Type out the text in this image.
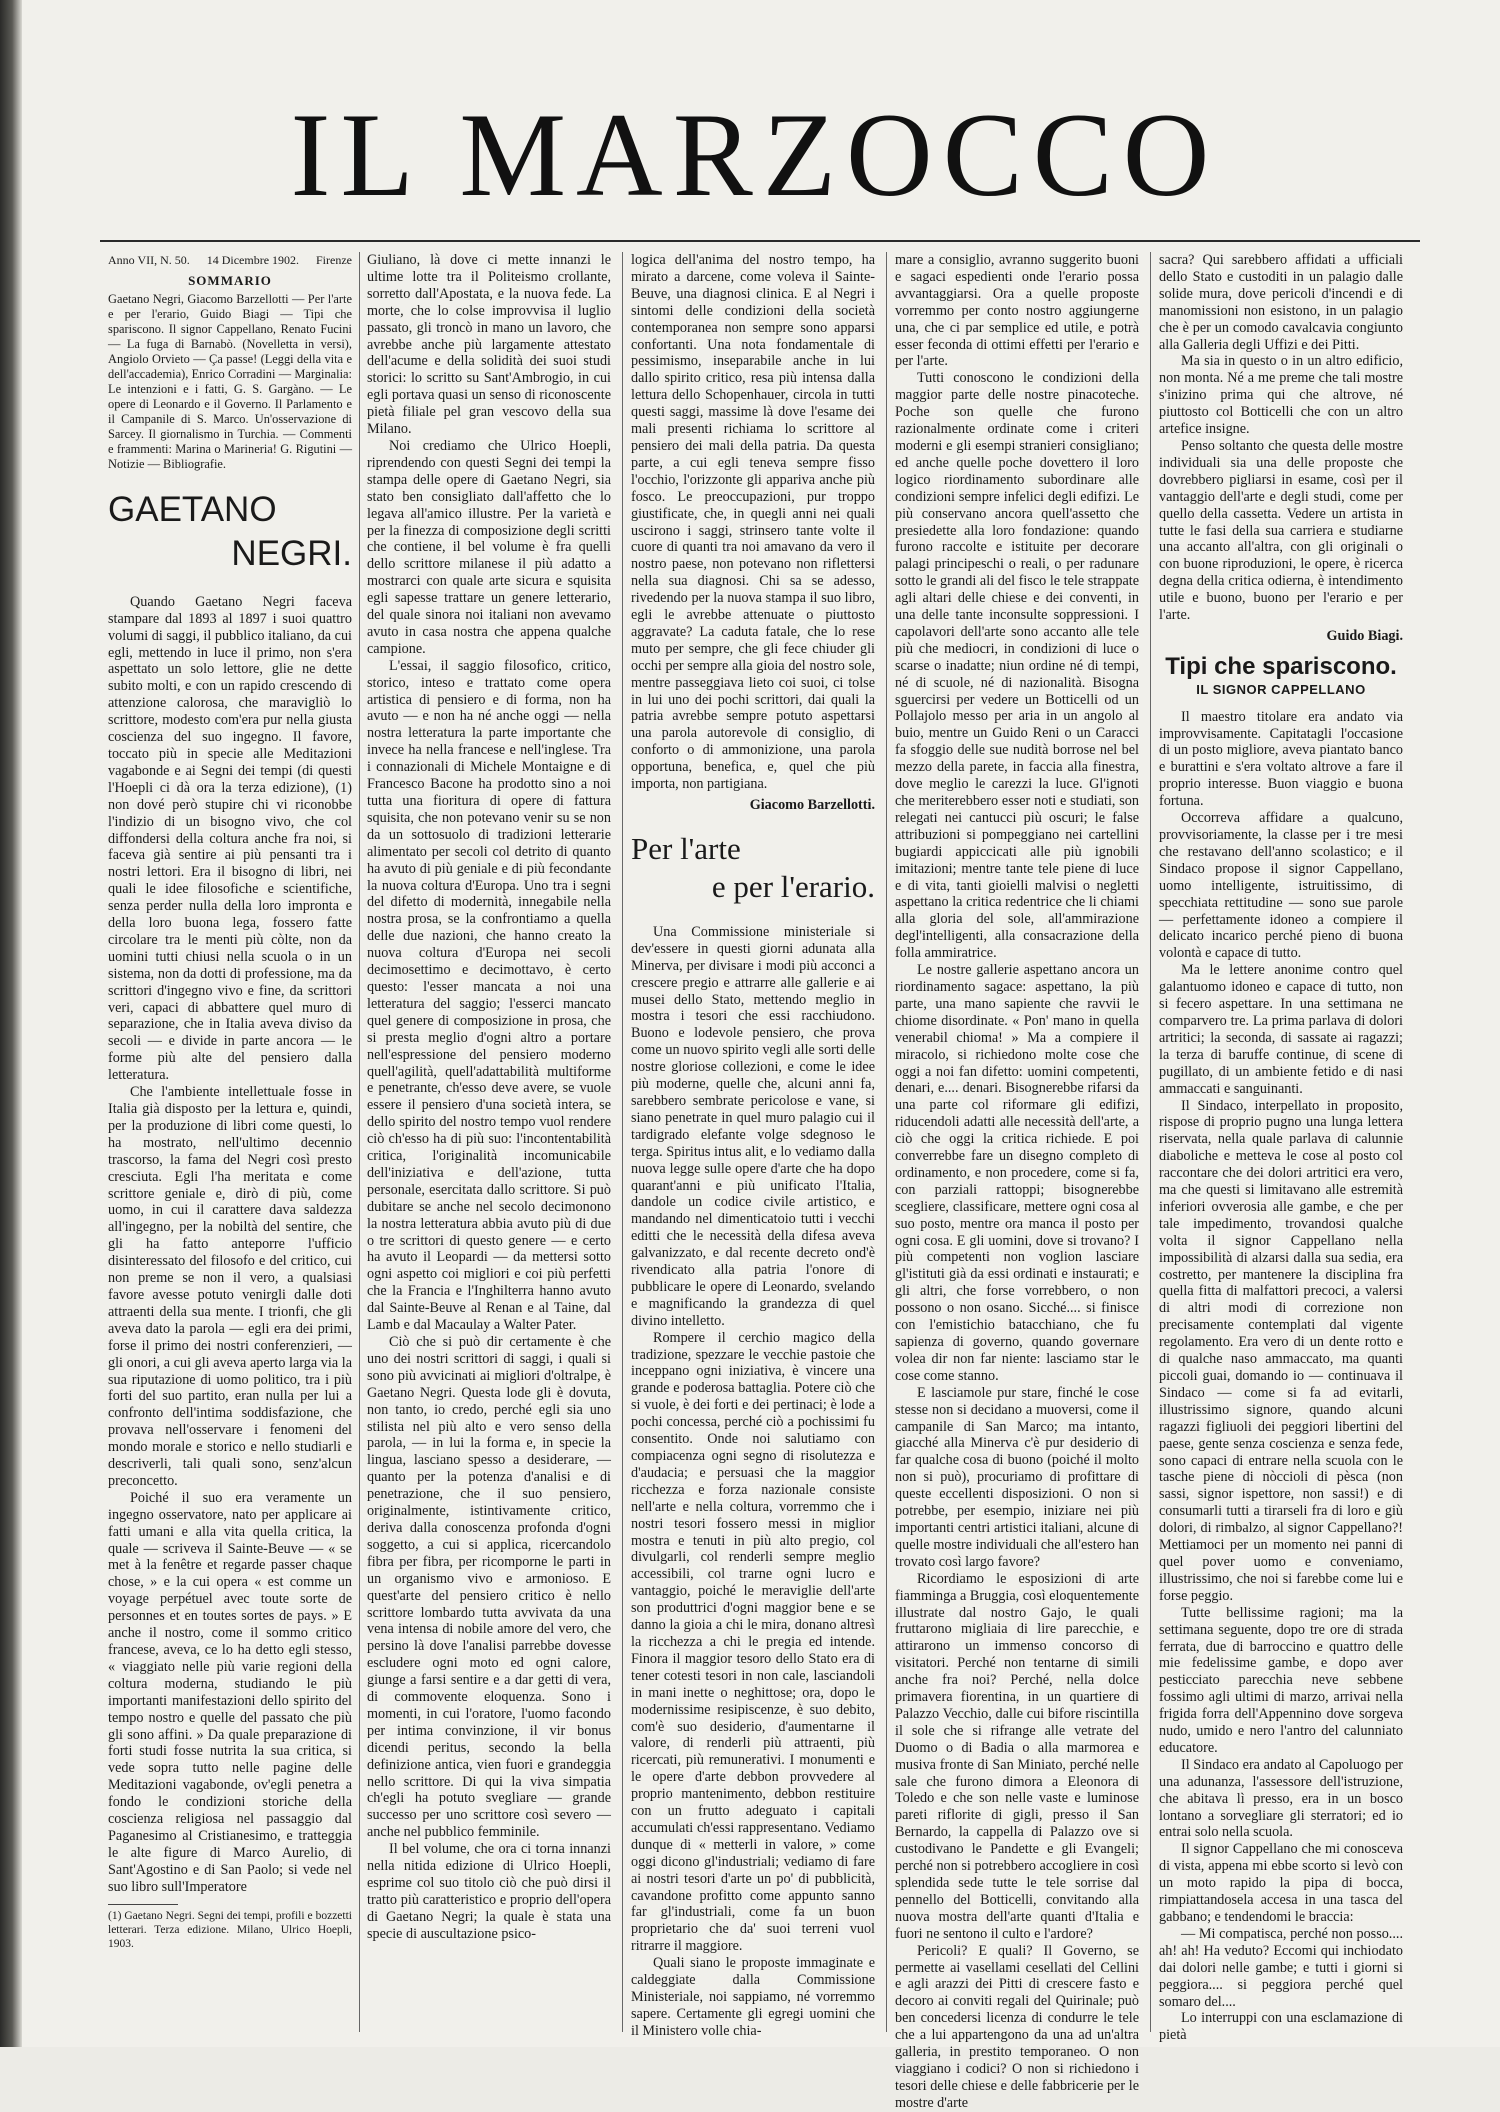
IL MARZOCCO
Anno VII, N. 50. 14 Dicembre 1902. Firenze
SOMMARIO
Gaetano Negri, Giacomo Barzellotti — Per l'arte e per l'erario, Guido Biagi — Tipi che spariscono. Il signor Cappellano, Renato Fucini — La fuga di Barnabò. (Novelletta in versi), Angiolo Orvieto — Ça passe! (Leggi della vita e dell'accademia), Enrico Corradini — Marginalia: Le intenzioni e i fatti, G. S. Gargàno. — Le opere di Leonardo e il Governo. Il Parlamento e il Campanile di S. Marco. Un'osservazione di Sarcey. Il giornalismo in Turchia. — Commenti e frammenti: Marina o Marineria! G. Rigutini — Notizie — Bibliografie.
GAETANO
NEGRI.

Quando Gaetano Negri faceva stampare dal 1893 al 1897 i suoi quattro volumi di saggi, il pubblico italiano, da cui egli, mettendo in luce il primo, non s'era aspettato un solo lettore, glie ne dette subito molti, e con un rapido crescendo di attenzione calorosa, che maravigliò lo scrittore, modesto com'era pur nella giusta coscienza del suo ingegno. Il favore, toccato più in specie alle Meditazioni vagabonde e ai Segni dei tempi (di questi l'Hoepli ci dà ora la terza edizione), (1) non dové però stupire chi vi riconobbe l'indizio di un bisogno vivo, che col diffondersi della coltura anche fra noi, si faceva già sentire ai più pensanti tra i nostri lettori. Era il bisogno di libri, nei quali le idee filosofiche e scientifiche, senza perder nulla della loro impronta e della loro buona lega, fossero fatte circolare tra le menti più còlte, non da uomini tutti chiusi nella scuola o in un sistema, non da dotti di professione, ma da scrittori d'ingegno vivo e fine, da scrittori veri, capaci di abbattere quel muro di separazione, che in Italia aveva diviso da secoli — e divide in parte ancora — le forme più alte del pensiero dalla letteratura.

Che l'ambiente intellettuale fosse in Italia già disposto per la lettura e, quindi, per la produzione di libri come questi, lo ha mostrato, nell'ultimo decennio trascorso, la fama del Negri così presto cresciuta. Egli l'ha meritata e come scrittore geniale e, dirò di più, come uomo, in cui il carattere dava saldezza all'ingegno, per la nobiltà del sentire, che gli ha fatto anteporre l'ufficio disinteressato del filosofo e del critico, cui non preme se non il vero, a qualsiasi favore avesse potuto venirgli dalle doti attraenti della sua mente. I trionfi, che gli aveva dato la parola — egli era dei primi, forse il primo dei nostri conferenzieri, — gli onori, a cui gli aveva aperto larga via la sua riputazione di uomo politico, tra i più forti del suo partito, eran nulla per lui a confronto dell'intima soddisfazione, che provava nell'osservare i fenomeni del mondo morale e storico e nello studiarli e descriverli, tali quali sono, senz'alcun preconcetto.

Poiché il suo era veramente un ingegno osservatore, nato per applicare ai fatti umani e alla vita quella critica, la quale — scriveva il Sainte-Beuve — « se met à la fenêtre et regarde passer chaque chose, » e la cui opera « est comme un voyage perpétuel avec toute sorte de personnes et en toutes sortes de pays. » E anche il nostro, come il sommo critico francese, aveva, ce lo ha detto egli stesso, « viaggiato nelle più varie regioni della coltura moderna, studiando le più importanti manifestazioni dello spirito del tempo nostro e quelle del passato che più gli sono affini. » Da quale preparazione di forti studi fosse nutrita la sua critica, si vede sopra tutto nelle pagine delle Meditazioni vagabonde, ov'egli penetra a fondo le condizioni storiche della coscienza religiosa nel passaggio dal Paganesimo al Cristianesimo, e tratteggia le alte figure di Marco Aurelio, di Sant'Agostino e di San Paolo; si vede nel suo libro sull'Imperatore

(1) Gaetano Negri. Segni dei tempi, profili e bozzetti letterari. Terza edizione. Milano, Ulrico Hoepli, 1903.

Giuliano, là dove ci mette innanzi le ultime lotte tra il Politeismo crollante, sorretto dall'Apostata, e la nuova fede. La morte, che lo colse improvvisa il luglio passato, gli troncò in mano un lavoro, che avrebbe anche più largamente attestato dell'acume e della solidità dei suoi studi storici: lo scritto su Sant'Ambrogio, in cui egli portava quasi un senso di riconoscente pietà filiale pel gran vescovo della sua Milano.

Noi crediamo che Ulrico Hoepli, riprendendo con questi Segni dei tempi la stampa delle opere di Gaetano Negri, sia stato ben consigliato dall'affetto che lo legava all'amico illustre. Per la varietà e per la finezza di composizione degli scritti che contiene, il bel volume è fra quelli dello scrittore milanese il più adatto a mostrarci con quale arte sicura e squisita egli sapesse trattare un genere letterario, del quale sinora noi italiani non avevamo avuto in casa nostra che appena qualche campione.

L'essai, il saggio filosofico, critico, storico, inteso e trattato come opera artistica di pensiero e di forma, non ha avuto — e non ha né anche oggi — nella nostra letteratura la parte importante che invece ha nella francese e nell'inglese. Tra i connazionali di Michele Montaigne e di Francesco Bacone ha prodotto sino a noi tutta una fioritura di opere di fattura squisita, che non potevano venir su se non da un sottosuolo di tradizioni letterarie alimentato per secoli col detrito di quanto ha avuto di più geniale e di più fecondante la nuova coltura d'Europa. Uno tra i segni del difetto di modernità, innegabile nella nostra prosa, se la confrontiamo a quella delle due nazioni, che hanno creato la nuova coltura d'Europa nei secoli decimosettimo e decimottavo, è certo questo: l'esser mancata a noi una letteratura del saggio; l'esserci mancato quel genere di composizione in prosa, che si presta meglio d'ogni altro a portare nell'espressione del pensiero moderno quell'agilità, quell'adattabilità multiforme e penetrante, ch'esso deve avere, se vuole essere il pensiero d'una società intera, se dello spirito del nostro tempo vuol rendere ciò ch'esso ha di più suo: l'incontentabilità critica, l'originalità incomunicabile dell'iniziativa e dell'azione, tutta personale, esercitata dallo scrittore. Si può dubitare se anche nel secolo decimonono la nostra letteratura abbia avuto più di due o tre scrittori di questo genere — e certo ha avuto il Leopardi — da mettersi sotto ogni aspetto coi migliori e coi più perfetti che la Francia e l'Inghilterra hanno avuto dal Sainte-Beuve al Renan e al Taine, dal Lamb e dal Macaulay a Walter Pater.

Ciò che si può dir certamente è che uno dei nostri scrittori di saggi, i quali si sono più avvicinati ai migliori d'oltralpe, è Gaetano Negri. Questa lode gli è dovuta, non tanto, io credo, perché egli sia uno stilista nel più alto e vero senso della parola, — in lui la forma e, in specie la lingua, lasciano spesso a desiderare, — quanto per la potenza d'analisi e di penetrazione, che il suo pensiero, originalmente, istintivamente critico, deriva dalla conoscenza profonda d'ogni soggetto, a cui si applica, ricercandolo fibra per fibra, per ricomporne le parti in un organismo vivo e armonioso. E quest'arte del pensiero critico è nello scrittore lombardo tutta avvivata da una vena intensa di nobile amore del vero, che persino là dove l'analisi parrebbe dovesse escludere ogni moto ed ogni calore, giunge a farsi sentire e a dar getti di vera, di commovente eloquenza. Sono i momenti, in cui l'oratore, l'uomo facondo per intima convinzione, il vir bonus dicendi peritus, secondo la bella definizione antica, vien fuori e grandeggia nello scrittore. Di qui la viva simpatia ch'egli ha potuto svegliare — grande successo per uno scrittore così severo — anche nel pubblico femminile.

Il bel volume, che ora ci torna innanzi nella nitida edizione di Ulrico Hoepli, esprime col suo titolo ciò che può dirsi il tratto più caratteristico e proprio dell'opera di Gaetano Negri; la quale è stata una specie di auscultazione psico-

logica dell'anima del nostro tempo, ha mirato a darcene, come voleva il Sainte-Beuve, una diagnosi clinica. E al Negri i sintomi delle condizioni della società contemporanea non sempre sono apparsi confortanti. Una nota fondamentale di pessimismo, inseparabile anche in lui dallo spirito critico, resa più intensa dalla lettura dello Schopenhauer, circola in tutti questi saggi, massime là dove l'esame dei mali presenti richiama lo scrittore al pensiero dei mali della patria. Da questa parte, a cui egli teneva sempre fisso l'occhio, l'orizzonte gli appariva anche più fosco. Le preoccupazioni, pur troppo giustificate, che, in quegli anni nei quali uscirono i saggi, strinsero tante volte il cuore di quanti tra noi amavano da vero il nostro paese, non potevano non riflettersi nella sua diagnosi. Chi sa se adesso, rivedendo per la nuova stampa il suo libro, egli le avrebbe attenuate o piuttosto aggravate? La caduta fatale, che lo rese muto per sempre, che gli fece chiuder gli occhi per sempre alla gioia del nostro sole, mentre passeggiava lieto coi suoi, ci tolse in lui uno dei pochi scrittori, dai quali la patria avrebbe sempre potuto aspettarsi una parola autorevole di consiglio, di conforto o di ammonizione, una parola opportuna, benefica, e, quel che più importa, non partigiana.

Giacomo Barzellotti.
Per l'arte
e per l'erario.

Una Commissione ministeriale si dev'essere in questi giorni adunata alla Minerva, per divisare i modi più acconci a crescere pregio e attrarre alle gallerie e ai musei dello Stato, mettendo meglio in mostra i tesori che essi racchiudono. Buono e lodevole pensiero, che prova come un nuovo spirito vegli alle sorti delle nostre gloriose collezioni, e come le idee più moderne, quelle che, alcuni anni fa, sarebbero sembrate pericolose e vane, si siano penetrate in quel muro palagio cui il tardigrado elefante volge sdegnoso le terga. Spiritus intus alit, e lo vediamo dalla nuova legge sulle opere d'arte che ha dopo quarant'anni e più unificato l'Italia, dandole un codice civile artistico, e mandando nel dimenticatoio tutti i vecchi editti che le necessità della difesa aveva galvanizzato, e dal recente decreto ond'è rivendicato alla patria l'onore di pubblicare le opere di Leonardo, svelando e magnificando la grandezza di quel divino intelletto.

Rompere il cerchio magico della tradizione, spezzare le vecchie pastoie che inceppano ogni iniziativa, è vincere una grande e poderosa battaglia. Potere ciò che si vuole, è dei forti e dei pertinaci; è lode a pochi concessa, perché ciò a pochissimi fu consentito. Onde noi salutiamo con compiacenza ogni segno di risolutezza e d'audacia; e persuasi che la maggior ricchezza e forza nazionale consiste nell'arte e nella coltura, vorremmo che i nostri tesori fossero messi in miglior mostra e tenuti in più alto pregio, col divulgarli, col renderli sempre meglio accessibili, col trarne ogni lucro e vantaggio, poiché le meraviglie dell'arte son produttrici d'ogni maggior bene e se danno la gioia a chi le mira, donano altresì la ricchezza a chi le pregia ed intende. Finora il maggior tesoro dello Stato era di tener cotesti tesori in non cale, lasciandoli in mani inette o neghittose; ora, dopo le modernissime resipiscenze, è suo debito, com'è suo desiderio, d'aumentarne il valore, di renderli più attraenti, più ricercati, più remunerativi. I monumenti e le opere d'arte debbon provvedere al proprio mantenimento, debbon restituire con un frutto adeguato i capitali accumulati ch'essi rappresentano. Vediamo dunque di « metterli in valore, » come oggi dicono gl'industriali; vediamo di fare ai nostri tesori d'arte un po' di pubblicità, cavandone profitto come appunto sanno far gl'industriali, come fa un buon proprietario che da' suoi terreni vuol ritrarre il maggiore.

Quali siano le proposte immaginate e caldeggiate dalla Commissione Ministeriale, noi sappiamo, né vorremmo sapere. Certamente gli egregi uomini che il Ministero volle chia-

mare a consiglio, avranno suggerito buoni e sagaci espedienti onde l'erario possa avvantaggiarsi. Ora a quelle proposte vorremmo per conto nostro aggiungerne una, che ci par semplice ed utile, e potrà esser feconda di ottimi effetti per l'erario e per l'arte.

Tutti conoscono le condizioni della maggior parte delle nostre pinacoteche. Poche son quelle che furono razionalmente ordinate come i criteri moderni e gli esempi stranieri consigliano; ed anche quelle poche dovettero il loro logico riordinamento subordinare alle condizioni sempre infelici degli edifizi. Le più conservano ancora quell'assetto che presiedette alla loro fondazione: quando furono raccolte e istituite per decorare palagi principeschi o reali, o per radunare sotto le grandi ali del fisco le tele strappate agli altari delle chiese e dei conventi, in una delle tante inconsulte soppressioni. I capolavori dell'arte sono accanto alle tele più che mediocri, in condizioni di luce o scarse o inadatte; niun ordine né di tempi, né di scuole, né di nazionalità. Bisogna sguercirsi per vedere un Botticelli od un Pollajolo messo per aria in un angolo al buio, mentre un Guido Reni o un Caracci fa sfoggio delle sue nudità borrose nel bel mezzo della parete, in faccia alla finestra, dove meglio le carezzi la luce. Gl'ignoti che meriterebbero esser noti e studiati, son relegati nei cantucci più oscuri; le false attribuzioni si pompeggiano nei cartellini bugiardi appiccicati alle più ignobili imitazioni; mentre tante tele piene di luce e di vita, tanti gioielli malvisi o negletti aspettano la critica redentrice che li chiami alla gloria del sole, all'ammirazione degl'intelligenti, alla consacrazione della folla ammiratrice.

Le nostre gallerie aspettano ancora un riordinamento sagace: aspettano, la più parte, una mano sapiente che ravvii le chiome disordinate. « Pon' mano in quella venerabil chioma! » Ma a compiere il miracolo, si richiedono molte cose che oggi a noi fan difetto: uomini competenti, denari, e.... denari. Bisognerebbe rifarsi da una parte col riformare gli edifizi, riducendoli adatti alle necessità dell'arte, a ciò che oggi la critica richiede. E poi converrebbe fare un disegno completo di ordinamento, e non procedere, come si fa, con parziali rattoppi; bisognerebbe scegliere, classificare, mettere ogni cosa al suo posto, mentre ora manca il posto per ogni cosa. E gli uomini, dove si trovano? I più competenti non voglion lasciare gl'istituti già da essi ordinati e instaurati; e gli altri, che forse vorrebbero, o non possono o non osano. Sicché.... si finisce con l'emistichio batacchiano, che fu sapienza di governo, quando governare volea dir non far niente: lasciamo star le cose come stanno.

E lasciamole pur stare, finché le cose stesse non si decidano a muoversi, come il campanile di San Marco; ma intanto, giacché alla Minerva c'è pur desiderio di far qualche cosa di buono (poiché il molto non si può), procuriamo di profittare di queste eccellenti disposizioni. O non si potrebbe, per esempio, iniziare nei più importanti centri artistici italiani, alcune di quelle mostre individuali che all'estero han trovato così largo favore?

Ricordiamo le esposizioni di arte fiamminga a Bruggia, così eloquentemente illustrate dal nostro Gajo, le quali fruttarono migliaia di lire parecchie, e attirarono un immenso concorso di visitatori. Perché non tentarne di simili anche fra noi? Perché, nella dolce primavera fiorentina, in un quartiere di Palazzo Vecchio, dalle cui bifore riscintilla il sole che si rifrange alle vetrate del Duomo o di Badia o alla marmorea e musiva fronte di San Miniato, perché nelle sale che furono dimora a Eleonora di Toledo e che son nelle vaste e luminose pareti riflorite di gigli, presso il San Bernardo, la cappella di Palazzo ove si custodivano le Pandette e gli Evangeli; perché non si potrebbero accogliere in così splendida sede tutte le tele sorrise dal pennello del Botticelli, convitando alla nuova mostra dell'arte quanti d'Italia e fuori ne sentono il culto e l'ardore?

Pericoli? E quali? Il Governo, se permette ai vasellami cesellati del Cellini e agli arazzi dei Pitti di crescere fasto e decoro ai conviti regali del Quirinale; può ben concedersi licenza di condurre le tele che a lui appartengono da una ad un'altra galleria, in prestito temporaneo. O non viaggiano i codici? O non si richiedono i tesori delle chiese e delle fabbricerie per le mostre d'arte

sacra? Qui sarebbero affidati a ufficiali dello Stato e custoditi in un palagio dalle solide mura, dove pericoli d'incendi e di manomissioni non esistono, in un palagio che è per un comodo cavalcavia congiunto alla Galleria degli Uffizi e dei Pitti.

Ma sia in questo o in un altro edificio, non monta. Né a me preme che tali mostre s'inizino prima qui che altrove, né piuttosto col Botticelli che con un altro artefice insigne.

Penso soltanto che questa delle mostre individuali sia una delle proposte che dovrebbero pigliarsi in esame, così per il vantaggio dell'arte e degli studi, come per quello della cassetta. Vedere un artista in tutte le fasi della sua carriera e studiarne una accanto all'altra, con gli originali o con buone riproduzioni, le opere, è ricerca degna della critica odierna, è intendimento utile e buono, buono per l'erario e per l'arte.

Guido Biagi.
Tipi che spariscono.
IL SIGNOR CAPPELLANO

Il maestro titolare era andato via improvvisamente. Capitatagli l'occasione di un posto migliore, aveva piantato banco e burattini e s'era voltato altrove a fare il proprio interesse. Buon viaggio e buona fortuna.

Occorreva affidare a qualcuno, provvisoriamente, la classe per i tre mesi che restavano dell'anno scolastico; e il Sindaco propose il signor Cappellano, uomo intelligente, istruitissimo, di specchiata rettitudine — sono sue parole — perfettamente idoneo a compiere il delicato incarico perché pieno di buona volontà e capace di tutto.

Ma le lettere anonime contro quel galantuomo idoneo e capace di tutto, non si fecero aspettare. In una settimana ne comparvero tre. La prima parlava di dolori artritici; la seconda, di sassate ai ragazzi; la terza di baruffe continue, di scene di pugillato, di un ambiente fetido e di nasi ammaccati e sanguinanti.

Il Sindaco, interpellato in proposito, rispose di proprio pugno una lunga lettera riservata, nella quale parlava di calunnie diaboliche e metteva le cose al posto col raccontare che dei dolori artritici era vero, ma che questi si limitavano alle estremità inferiori ovverosia alle gambe, e che per tale impedimento, trovandosi qualche volta il signor Cappellano nella impossibilità di alzarsi dalla sua sedia, era costretto, per mantenere la disciplina fra quella fitta di malfattori precoci, a valersi di altri modi di correzione non precisamente contemplati dal vigente regolamento. Era vero di un dente rotto e di qualche naso ammaccato, ma quanti piccoli guai, domando io — continuava il Sindaco — come si fa ad evitarli, illustrissimo signore, quando alcuni ragazzi figliuoli dei peggiori libertini del paese, gente senza coscienza e senza fede, sono capaci di entrare nella scuola con le tasche piene di nòccioli di pèsca (non sassi, signor ispettore, non sassi!) e di consumarli tutti a tirarseli fra di loro e giù dolori, di rimbalzo, al signor Cappellano?! Mettiamoci per un momento nei panni di quel pover uomo e conveniamo, illustrissimo, che noi si farebbe come lui e forse peggio.

Tutte bellissime ragioni; ma la settimana seguente, dopo tre ore di strada ferrata, due di barroccino e quattro delle mie fedelissime gambe, e dopo aver pesticciato parecchia neve sebbene fossimo agli ultimi di marzo, arrivai nella frigida forra dell'Appennino dove sorgeva nudo, umido e nero l'antro del calunniato educatore.

Il Sindaco era andato al Capoluogo per una adunanza, l'assessore dell'istruzione, che abitava lì presso, era in un bosco lontano a sorvegliare gli sterratori; ed io entrai solo nella scuola.

Il signor Cappellano che mi conosceva di vista, appena mi ebbe scorto si levò con un moto rapido la pipa di bocca, rimpiattandosela accesa in una tasca del gabbano; e tendendomi le braccia:

— Mi compatisca, perché non posso.... ah! ah! Ha veduto? Eccomi qui inchiodato dai dolori nelle gambe; e tutti i giorni si peggiora.... si peggiora perché quel somaro del....

Lo interruppi con una esclamazione di pietà
